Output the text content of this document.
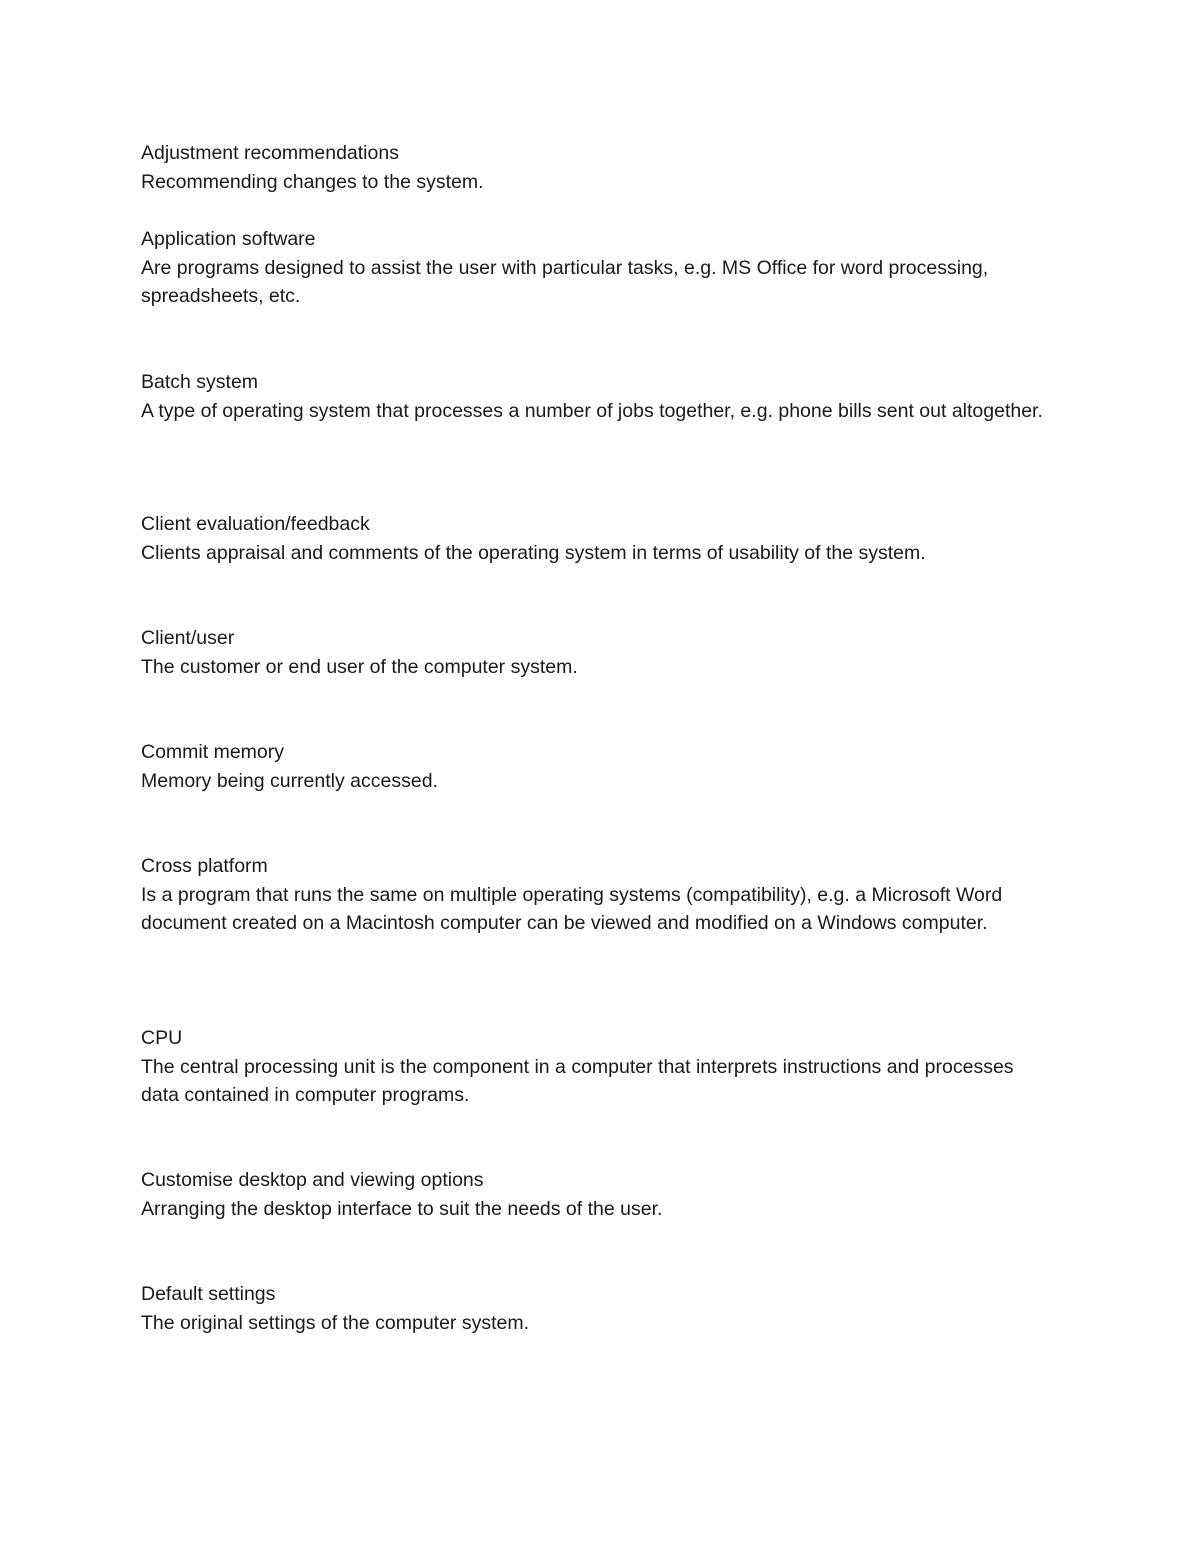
Adjustment recommendations
Recommending changes to the system.
Application software
Are programs designed to assist the user with particular tasks, e.g. MS Office for word processing, spreadsheets, etc.
Batch system
A type of operating system that processes a number of jobs together, e.g. phone bills sent out altogether.
Client evaluation/feedback
Clients appraisal and comments of the operating system in terms of usability of the system.
Client/user
The customer or end user of the computer system.
Commit memory
Memory being currently accessed.
Cross platform
Is a program that runs the same on multiple operating systems (compatibility), e.g. a Microsoft Word document created on a Macintosh computer can be viewed and modified on a Windows computer.
CPU
The central processing unit is the component in a computer that interprets instructions and processes data contained in computer programs.
Customise desktop and viewing options
Arranging the desktop interface to suit the needs of the user.
Default settings
The original settings of the computer system.
